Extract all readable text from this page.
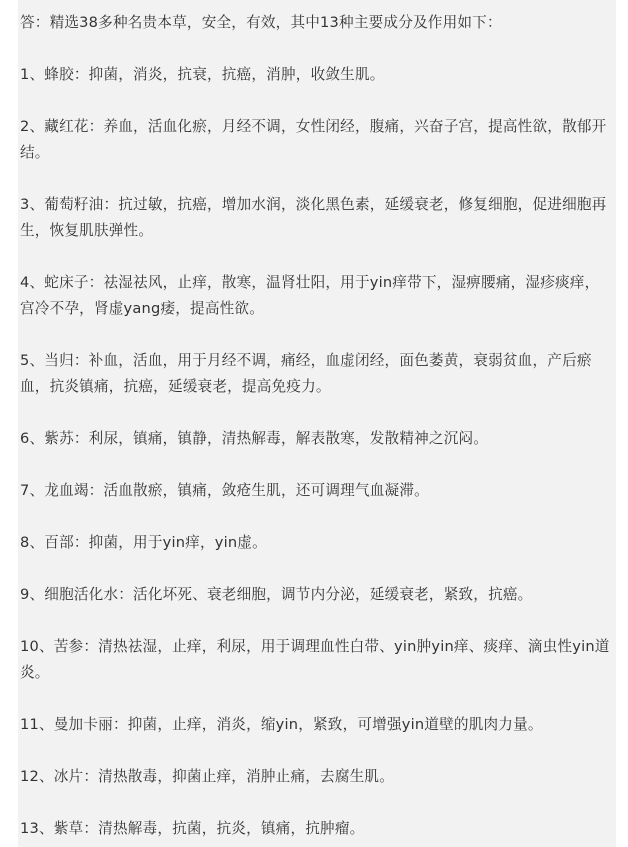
答：精选38多种名贵本草，安全，有效，其中13种主要成分及作用如下：

1、蜂胶：抑菌，消炎，抗衰，抗癌，消肿，收敛生肌。

2、藏红花：养血，活血化瘀，月经不调，女性闭经，腹痛，兴奋子宫，提高性欲，散郁开结。

3、葡萄籽油：抗过敏，抗癌，增加水润，淡化黑色素，延缓衰老，修复细胞，促进细胞再生，恢复肌肤弹性。

4、蛇床子：祛湿祛风，止痒，散寒，温肾壮阳，用于yin痒带下，湿痹腰痛，湿疹痰痒，宫冷不孕，肾虚yang痿，提高性欲。

5、当归：补血，活血，用于月经不调，痛经，血虚闭经，面色萎黄，衰弱贫血，产后瘀血，抗炎镇痛，抗癌，延缓衰老，提高免疫力。

6、紫苏：利尿，镇痛，镇静，清热解毒，解表散寒，发散精神之沉闷。

7、龙血竭：活血散瘀，镇痛，敛疮生肌，还可调理气血凝滞。

8、百部：抑菌，用于yin痒，yin虚。

9、细胞活化水：活化坏死、衰老细胞，调节内分泌，延缓衰老，紧致，抗癌。

10、苦参：清热祛湿，止痒，利尿，用于调理血性白带、yin肿yin痒、痰痒、滴虫性yin道炎。

11、曼加卡丽：抑菌，止痒，消炎，缩yin，紧致，可增强yin道壁的肌肉力量。

12、冰片：清热散毒，抑菌止痒，消肿止痛，去腐生肌。

13、紫草：清热解毒，抗菌，抗炎，镇痛，抗肿瘤。
